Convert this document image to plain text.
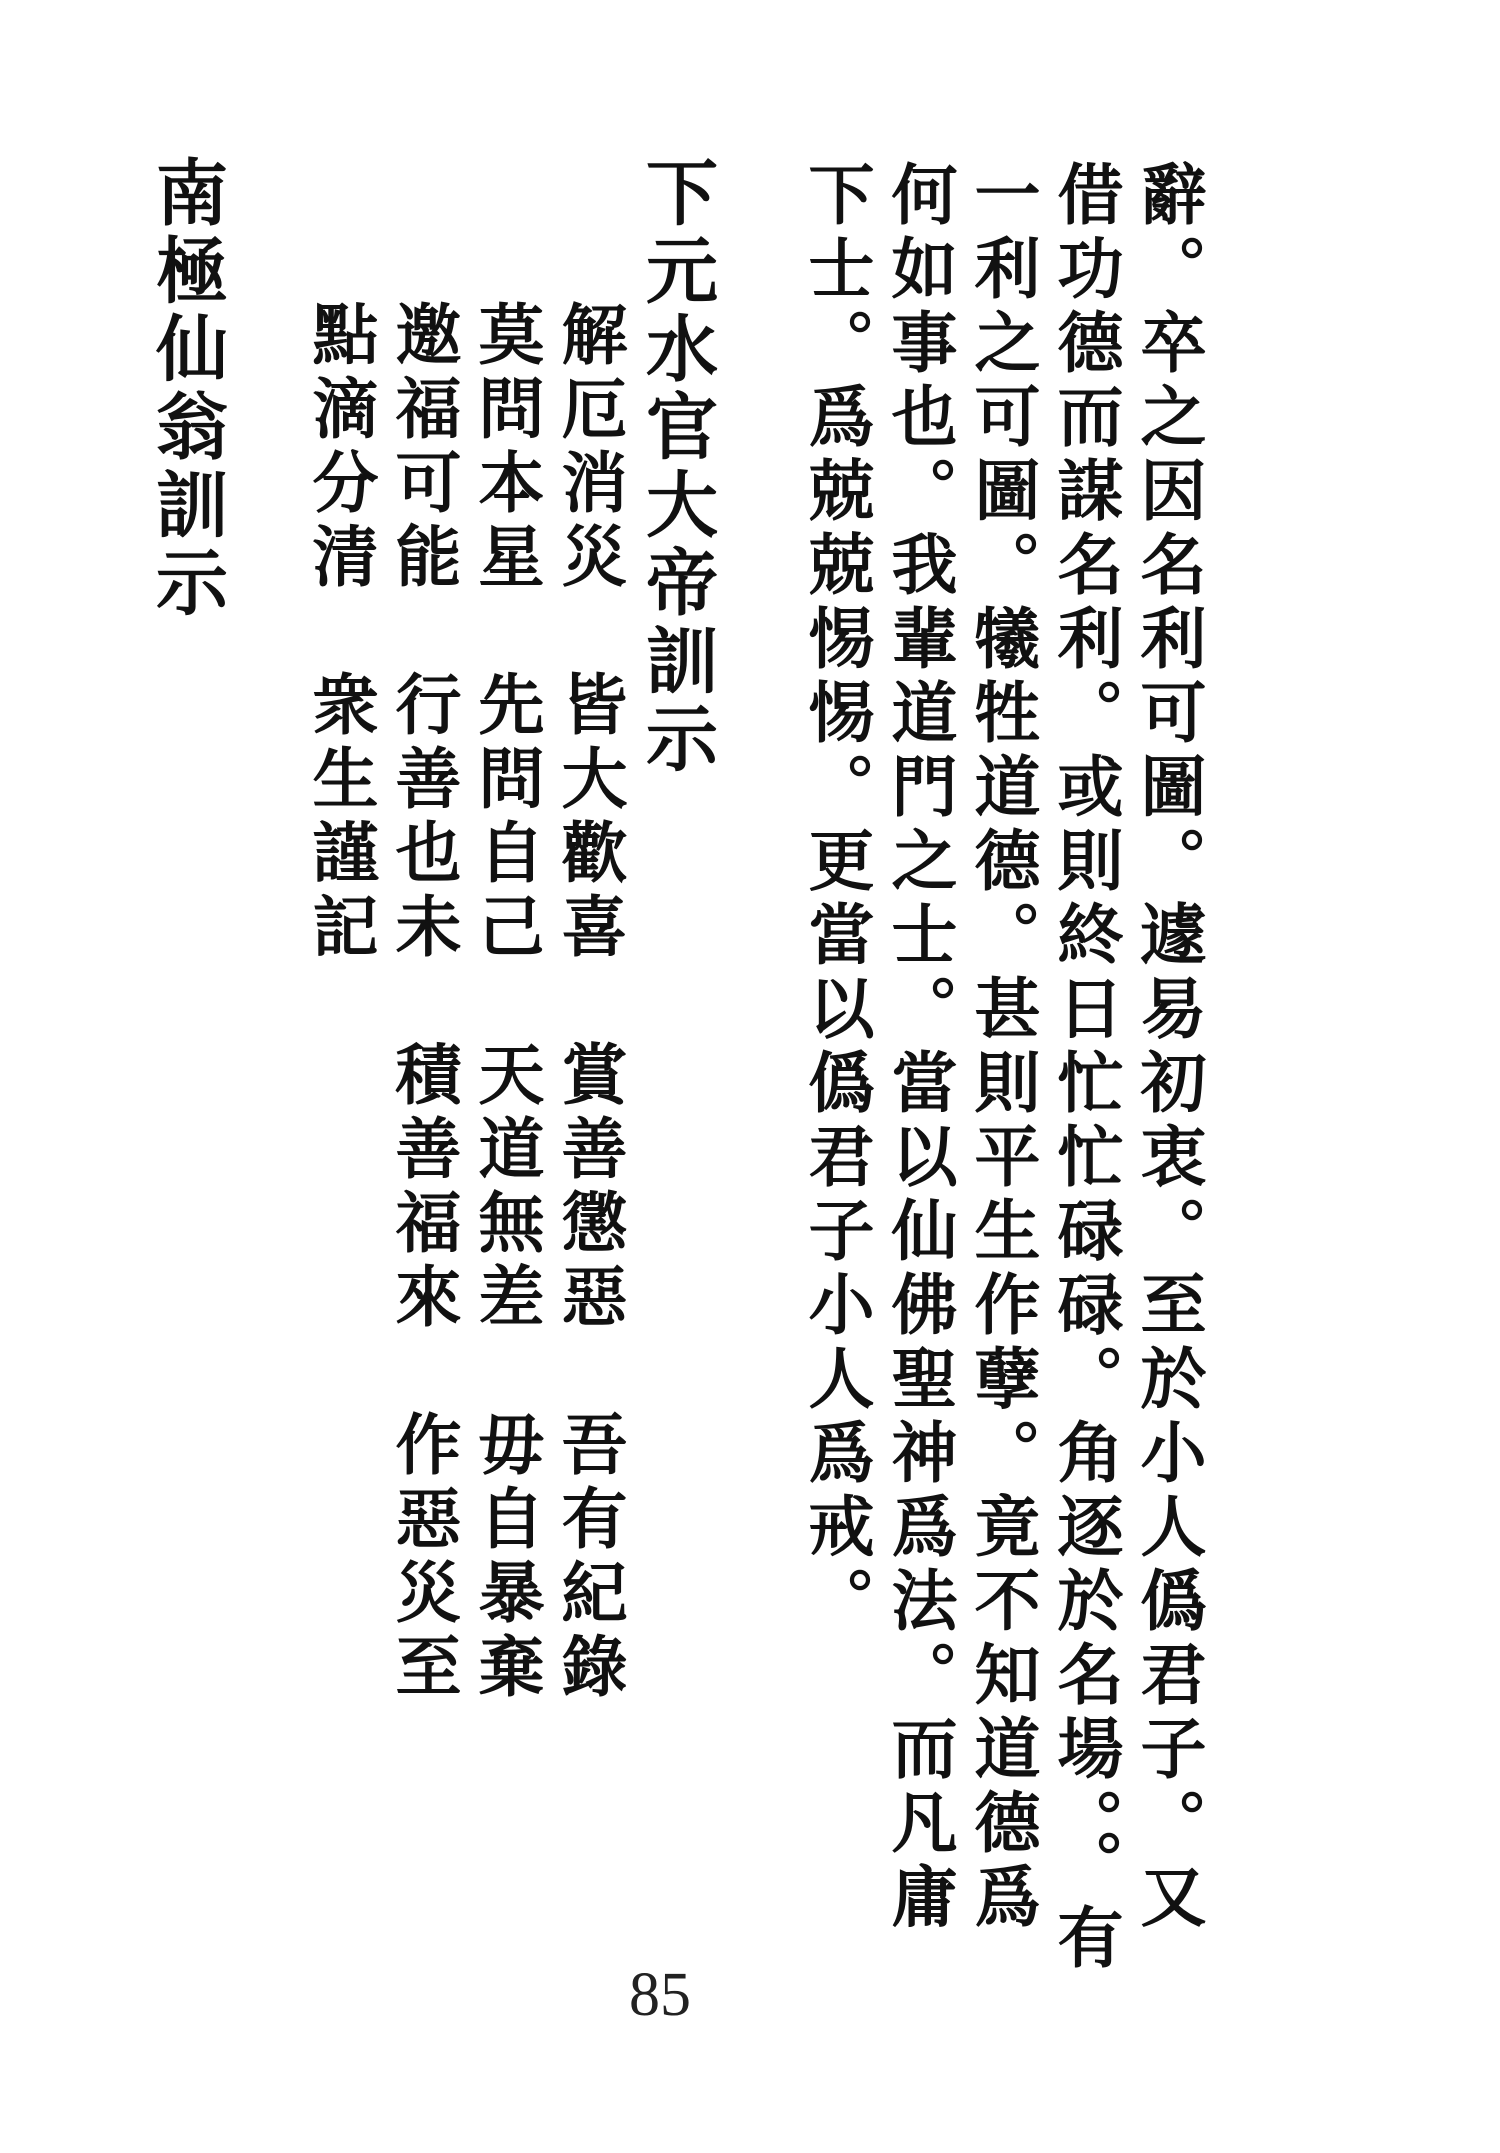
辭。卒之因名利可圖。遽易初衷。至於小人僞君子。又
借功德而謀名利。或則終日忙忙碌碌。角逐於名場。。有
一利之可圖。犧牲道德。甚則平生作孽。竟不知道德爲
何如事也。我輩道門之士。當以仙佛聖神爲法。而凡庸
下士。爲兢兢惕惕。更當以僞君子小人爲戒。
下元水官大帝訓示
解厄消災　皆大歡喜　賞善懲惡　吾有紀錄
莫問本星　先問自己　天道無差　毋自暴棄
邀福可能　行善也未　積善福來　作惡災至
點滴分清　衆生謹記
南極仙翁訓示
85
